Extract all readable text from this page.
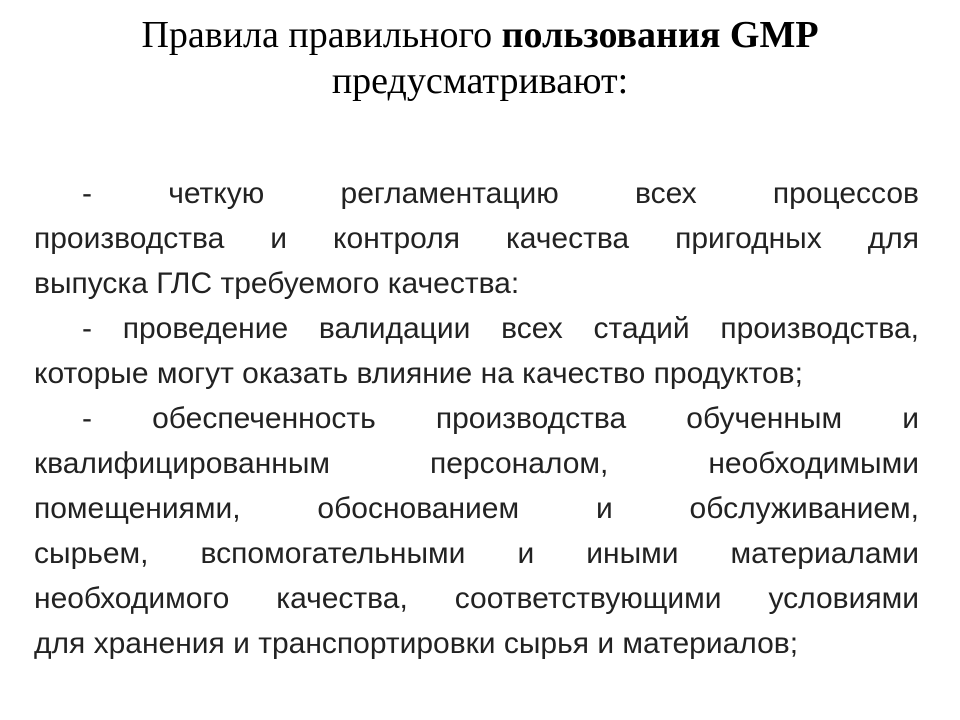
Правила правильного пользования GMP
предусматривают:
- четкую регламентацию всех процессов
производства и контроля качества пригодных для
выпуска ГЛС требуемого качества:
- проведение валидации всех стадий производства,
которые могут оказать влияние на качество продуктов;
- обеспеченность производства обученным и
квалифицированным персоналом, необходимыми
помещениями, обоснованием и обслуживанием,
сырьем, вспомогательными и иными материалами
необходимого качества, соответствующими условиями
для хранения и транспортировки сырья и материалов;
